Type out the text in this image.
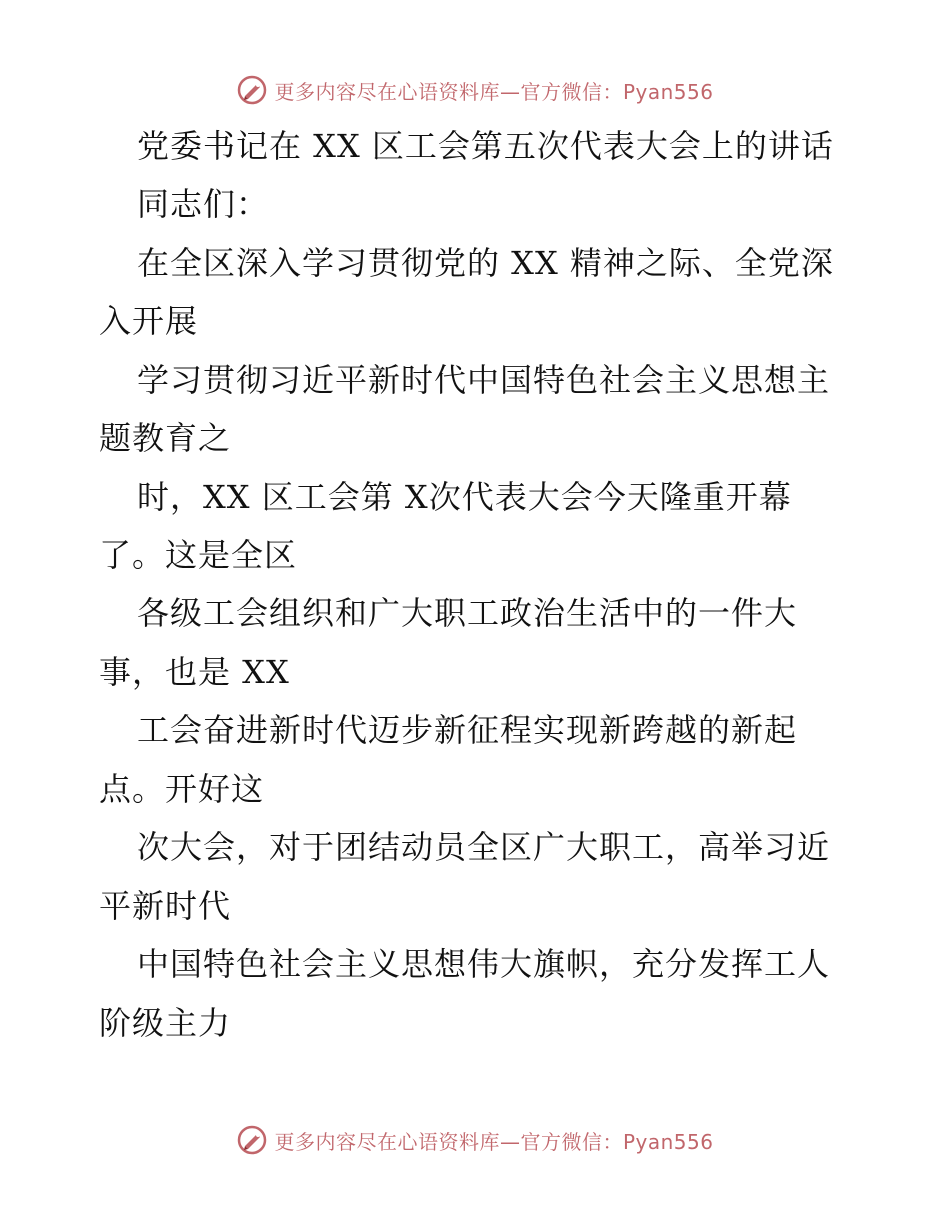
更多内容尽在心语资料库—官方微信：Pyan556
党委书记在 XX 区工会第五次代表大会上的讲话
同志们：
在全区深入学习贯彻党的 XX 精神之际、全党深
入开展
学习贯彻习近平新时代中国特色社会主义思想主
题教育之
时，XX 区工会第 X次代表大会今天隆重开幕
了。这是全区
各级工会组织和广大职工政治生活中的一件大
事，也是 XX
工会奋进新时代迈步新征程实现新跨越的新起
点。开好这
次大会，对于团结动员全区广大职工，高举习近
平新时代
中国特色社会主义思想伟大旗帜，充分发挥工人
阶级主力
更多内容尽在心语资料库—官方微信：Pyan556
